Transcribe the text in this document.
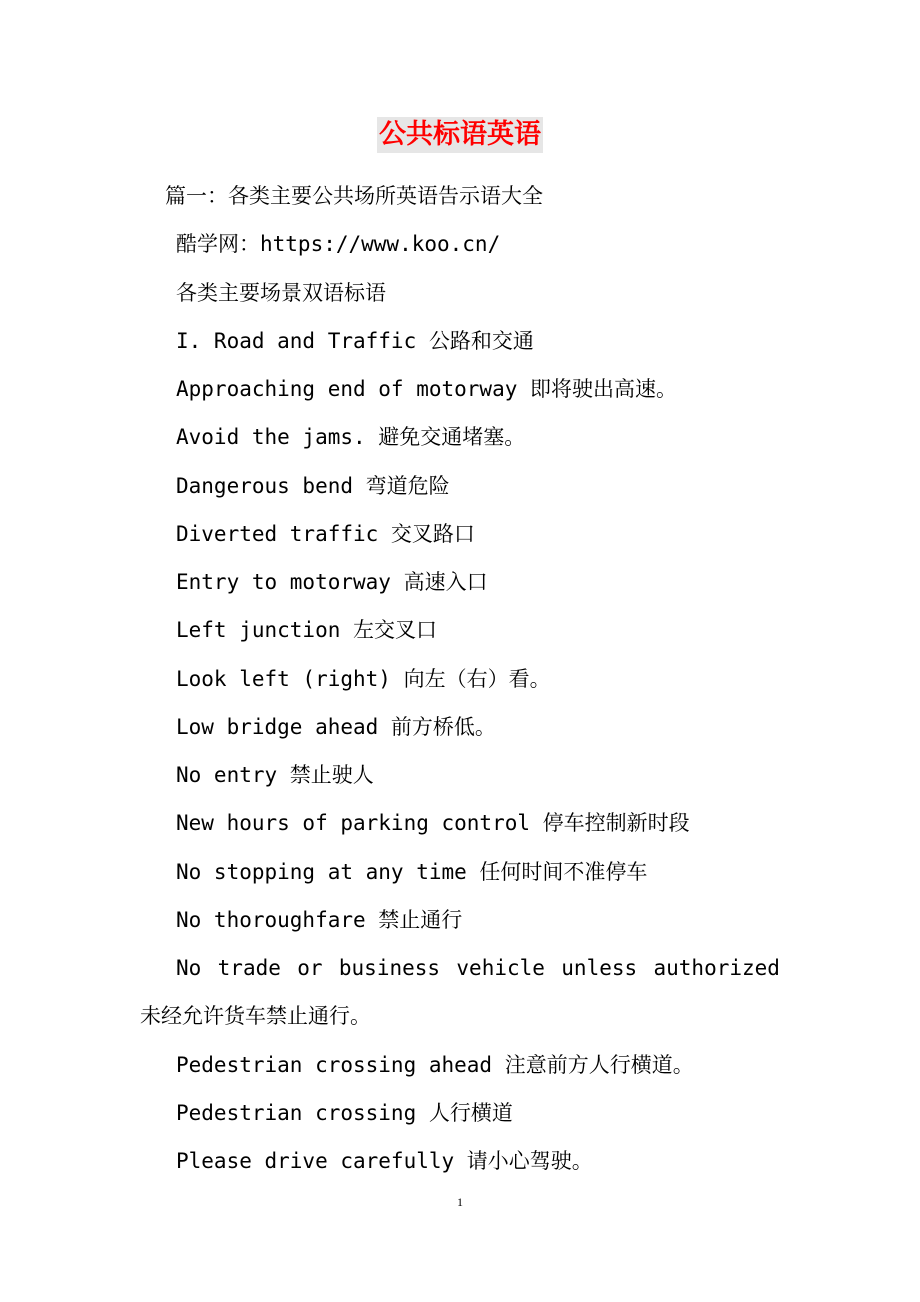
公共标语英语
篇一：各类主要公共场所英语告示语大全
酷学网：https://www.koo.cn/
各类主要场景双语标语
I. Road and Traffic 公路和交通
Approaching end of motorway 即将驶出高速。
Avoid the jams. 避免交通堵塞。
Dangerous bend 弯道危险
Diverted traffic 交叉路口
Entry to motorway 高速入口
Left junction 左交叉口
Look left (right) 向左（右）看。
Low bridge ahead 前方桥低。
No entry 禁止驶人
New hours of parking control 停车控制新时段
No stopping at any time 任何时间不准停车
No thoroughfare 禁止通行
No trade or business vehicle unless authorized
未经允许货车禁止通行。
Pedestrian crossing ahead 注意前方人行横道。
Pedestrian crossing 人行横道
Please drive carefully 请小心驾驶。
1
